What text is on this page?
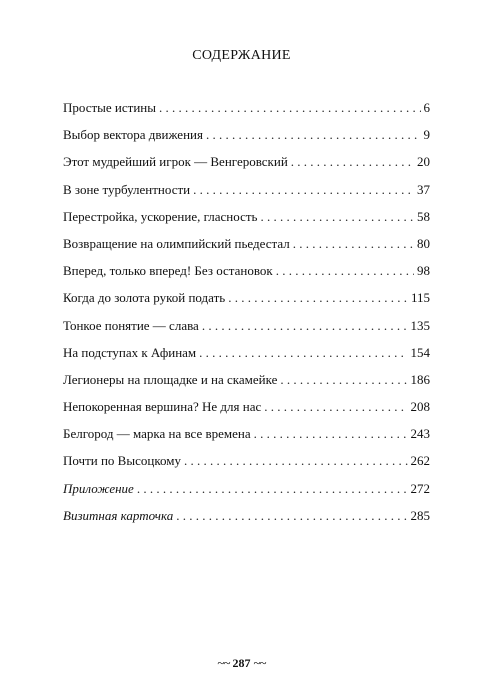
СОДЕРЖАНИЕ
Простые истины . . .	6
Выбор вектора движения . . .	9
Этот мудрейший игрок — Венгеровский . . .	20
В зоне турбулентности . . .	37
Перестройка, ускорение, гласность . . .	58
Возвращение на олимпийский пьедестал . . .	80
Вперед, только вперед! Без остановок . . .	98
Когда до золота рукой подать . . .	115
Тонкое понятие — слава . . .	135
На подступах к Афинам . . .	154
Легионеры на площадке и на скамейке . . .	186
Непокоренная вершина? Не для нас . . .	208
Белгород — марка на все времена . . .	243
Почти по Высоцкому . . .	262
Приложение . . .	272
Визитная карточка . . .	285
~~ 287 ~~
